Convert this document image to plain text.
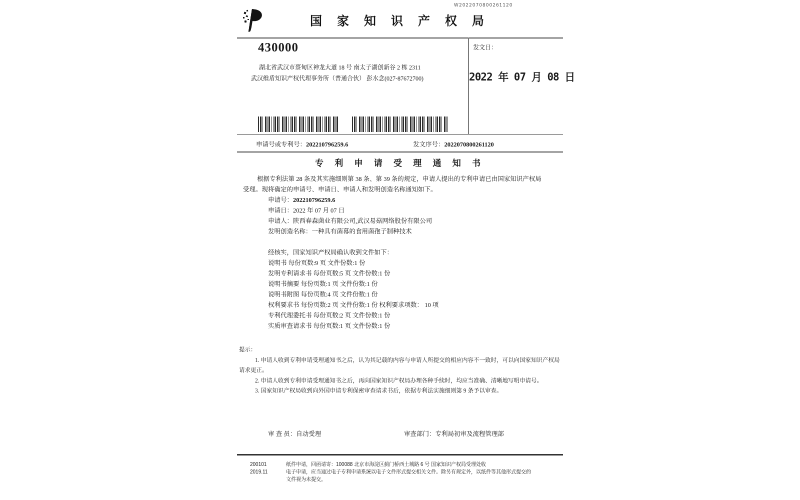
国 家 知 识 产 权 局
W2022070800261120
430000
湖北省武汉市蔡甸区神龙大道 18 号 南太子湖创新谷 2 栋 2311
武汉维盾知识产权代理事务所（普通合伙） 彭水念(027-87672700)
发文日：
2022 年 07 月 08 日
申请号或专利号：202210796259.6	发文序号：2022070800261120
专 利 申 请 受 理 通 知 书
根据专利法第 28 条及其实施细则第 38 条、第 39 条的规定，申请人提出的专利申请已由国家知识产权局
受理。现将确定的申请号、申请日、申请人和发明创造名称通知如下。
申请号：202210796259.6
申请日：2022 年 07 月 07 日
申请人：陕西春森菌业有限公司,武汉易菇网络股份有限公司
发明创造名称：一种具有菌幕的食用菌孢子制种技术
经核实，国家知识产权局确认收到文件如下：
说明书 每份页数:9 页 文件份数:1 份
发明专利请求书 每份页数:5 页 文件份数:1 份
说明书摘要 每份页数:1 页 文件份数:1 份
说明书附图 每份页数:4 页 文件份数:1 份
权利要求书 每份页数:2 页 文件份数:1 份 权利要求项数： 10 项
专利代理委托书 每份页数:2 页 文件份数:1 份
实质审查请求书 每份页数:1 页 文件份数:1 份
提示：
1. 申请人收到专利申请受理通知书之后，认为其记载的内容与申请人所提交的相应内容不一致时，可以向国家知识产权局
请求更正。
2. 申请人收到专利申请受理通知书之后，再向国家知识产权局办理各种手续时，均应当准确、清晰地写明申请号。
3. 国家知识产权局收到向外国申请专利保密审查请求书后，依据专利法实施细则第 9 条予以审查。
审 查 员：自动受理	审查部门：专利局初审及流程管理部
200101
2019.11
纸件申请，回函请寄：100088 北京市海淀区蓟门桥西土城路 6 号 国家知识产权局受理处收
电子申请，应当通过电子专利申请系统以电子文件形式提交相关文件。除另有规定外，以纸件等其他形式提交的
文件视为未提交。
